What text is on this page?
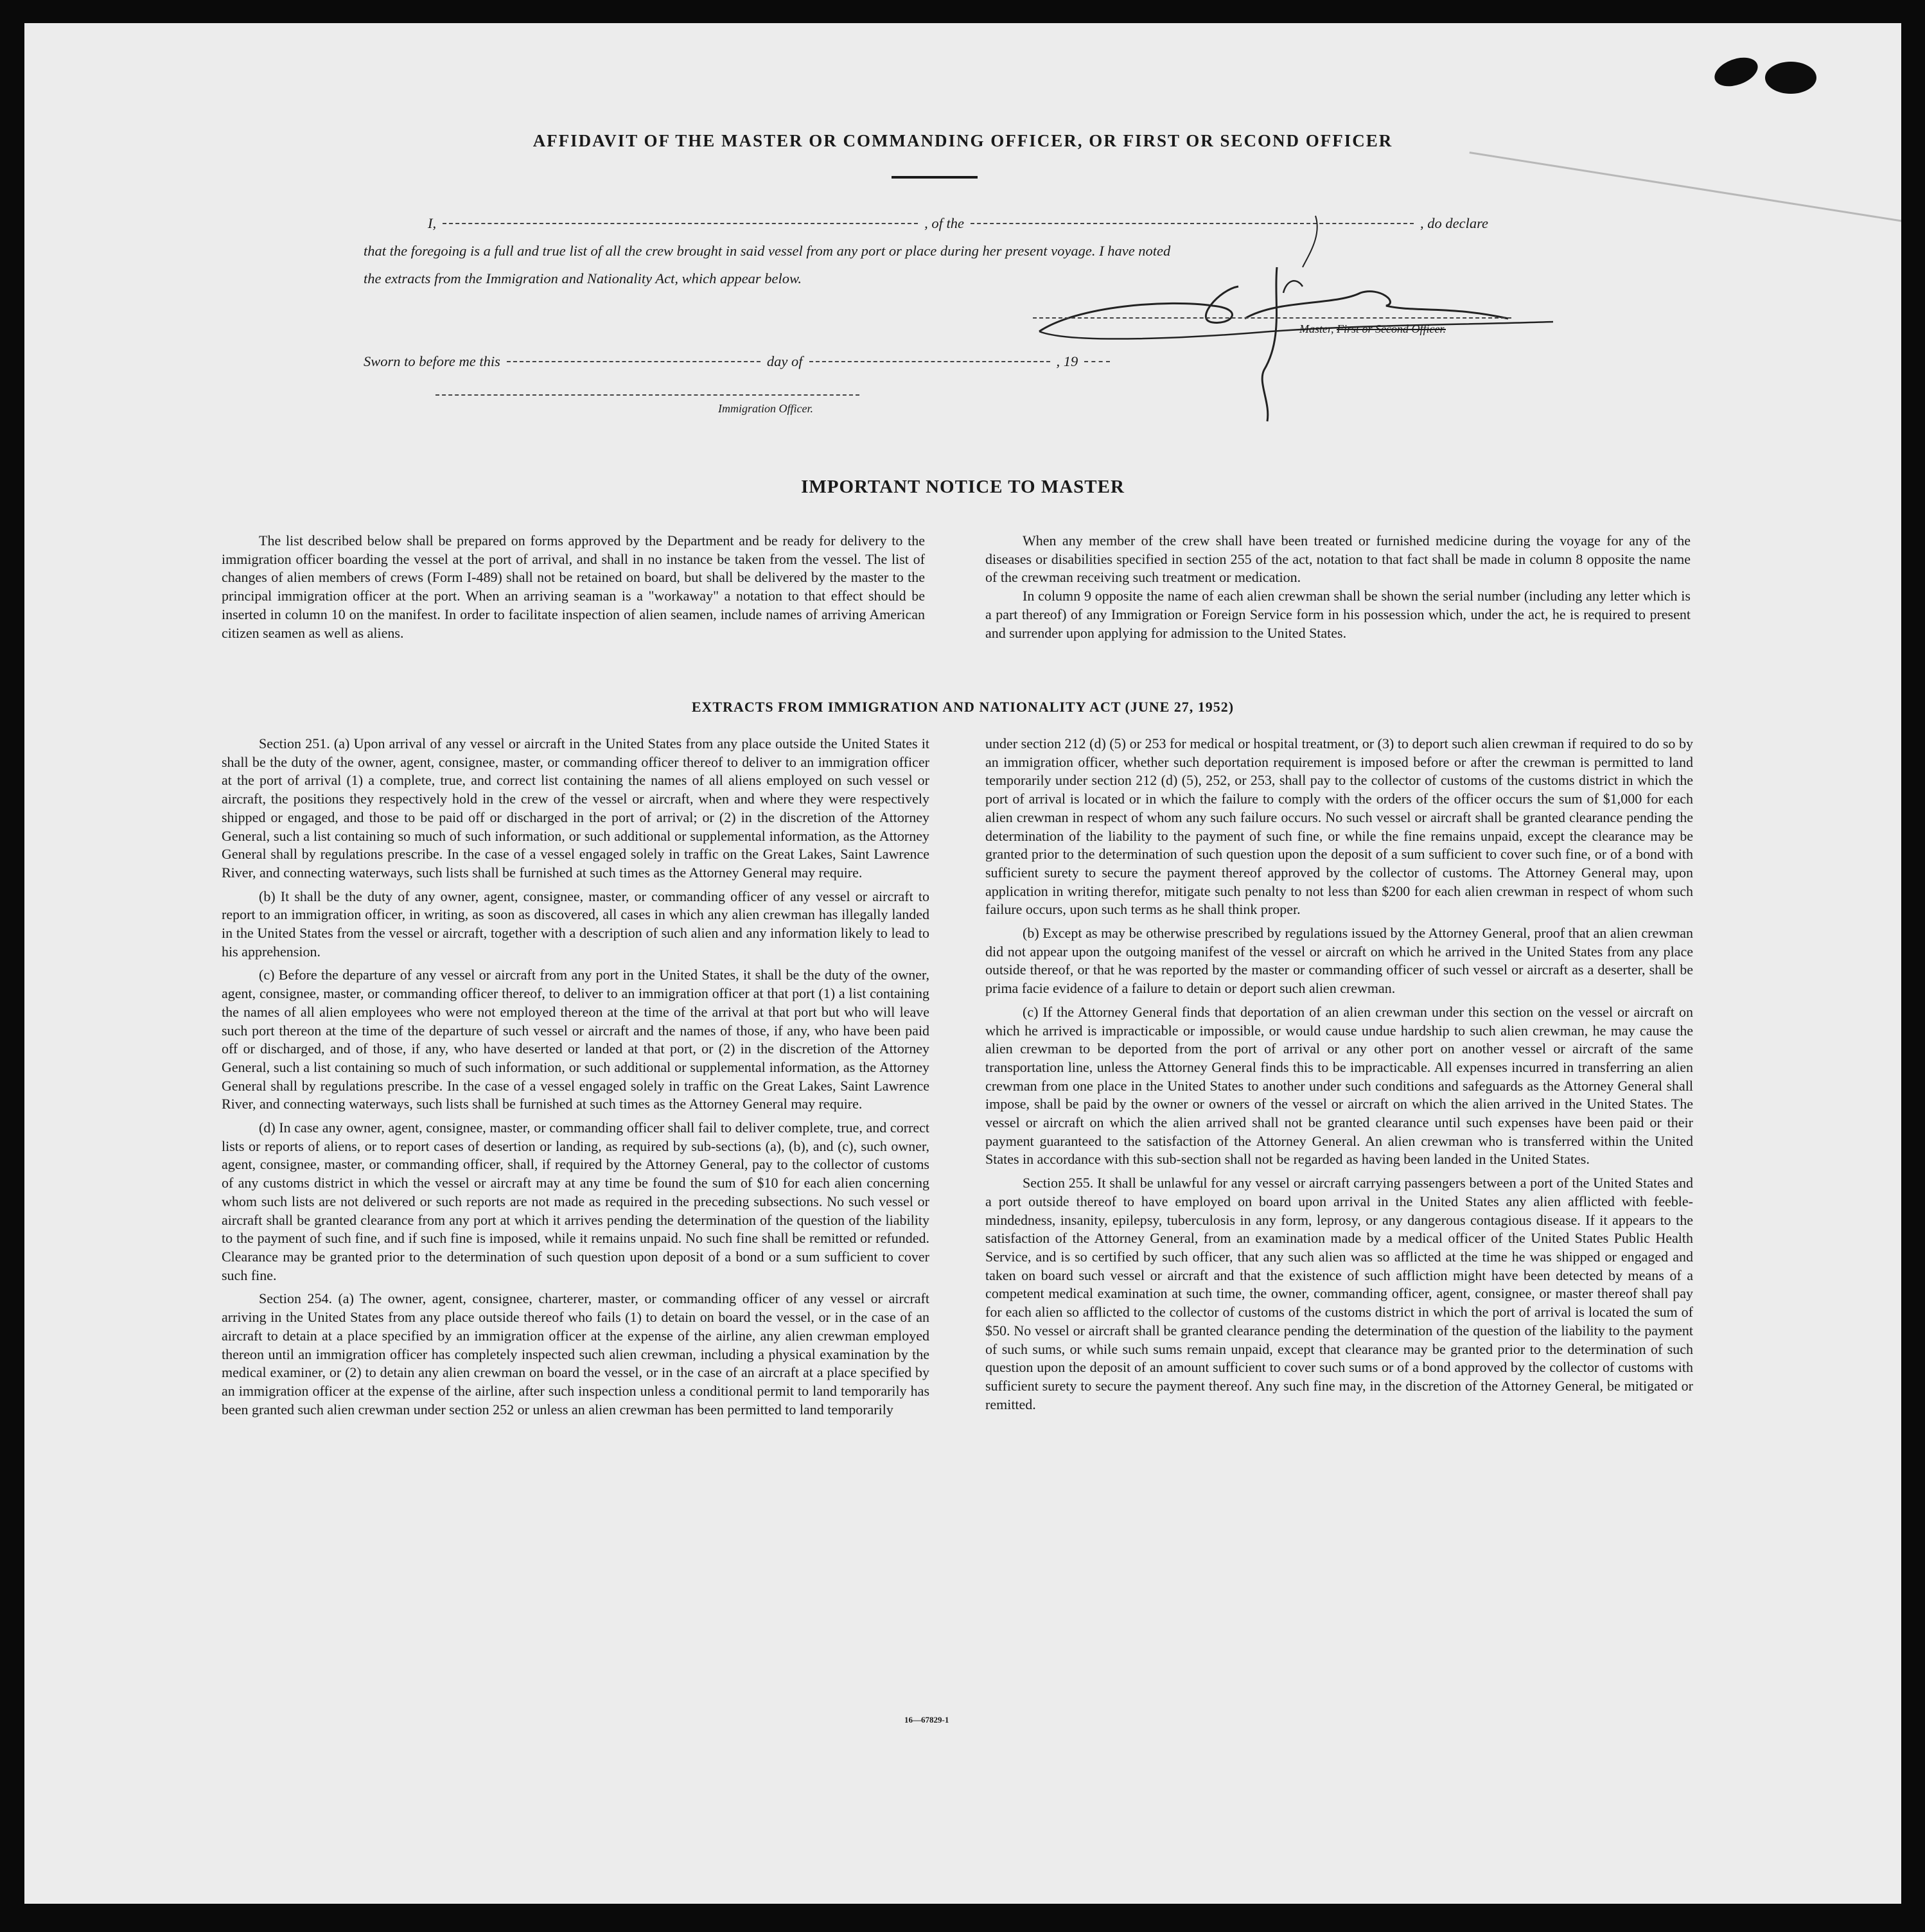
AFFIDAVIT OF THE MASTER OR COMMANDING OFFICER, OR FIRST OR SECOND OFFICER
I,	, of the	, do declare
that the foregoing is a full and true list of all the crew brought in said vessel from any port or place during her present voyage. I have noted
the extracts from the Immigration and Nationality Act, which appear below.
Sworn to before me this	day of	, 19
Master, First or Second Officer.
Immigration Officer.
IMPORTANT NOTICE TO MASTER

The list described below shall be prepared on forms approved by the Department and be ready for delivery to the immigration officer boarding the vessel at the port of arrival, and shall in no instance be taken from the vessel. The list of changes of alien members of crews (Form I-489) shall not be retained on board, but shall be delivered by the master to the principal immigration officer at the port. When an arriving seaman is a "workaway" a notation to that effect should be inserted in column 10 on the manifest. In order to facilitate inspection of alien seamen, include names of arriving American citizen seamen as well as aliens.

When any member of the crew shall have been treated or furnished medicine during the voyage for any of the diseases or disabilities specified in section 255 of the act, notation to that fact shall be made in column 8 opposite the name of the crewman receiving such treatment or medication.

In column 9 opposite the name of each alien crewman shall be shown the serial number (including any letter which is a part thereof) of any Immigration or Foreign Service form in his possession which, under the act, he is required to present and surrender upon applying for admission to the United States.

EXTRACTS FROM IMMIGRATION AND NATIONALITY ACT (JUNE 27, 1952)

Section 251. (a) Upon arrival of any vessel or aircraft in the United States from any place outside the United States it shall be the duty of the owner, agent, consignee, master, or commanding officer thereof to deliver to an immigration officer at the port of arrival (1) a complete, true, and correct list containing the names of all aliens employed on such vessel or aircraft, the positions they respectively hold in the crew of the vessel or aircraft, when and where they were respectively shipped or engaged, and those to be paid off or discharged in the port of arrival; or (2) in the discretion of the Attorney General, such a list containing so much of such information, or such additional or supplemental information, as the Attorney General shall by regulations prescribe. In the case of a vessel engaged solely in traffic on the Great Lakes, Saint Lawrence River, and connecting waterways, such lists shall be furnished at such times as the Attorney General may require.

(b) It shall be the duty of any owner, agent, consignee, master, or commanding officer of any vessel or aircraft to report to an immigration officer, in writing, as soon as discovered, all cases in which any alien crewman has illegally landed in the United States from the vessel or aircraft, together with a description of such alien and any information likely to lead to his apprehension.

(c) Before the departure of any vessel or aircraft from any port in the United States, it shall be the duty of the owner, agent, consignee, master, or commanding officer thereof, to deliver to an immigration officer at that port (1) a list containing the names of all alien employees who were not employed thereon at the time of the arrival at that port but who will leave such port thereon at the time of the departure of such vessel or aircraft and the names of those, if any, who have been paid off or discharged, and of those, if any, who have deserted or landed at that port, or (2) in the discretion of the Attorney General, such a list containing so much of such information, or such additional or supplemental information, as the Attorney General shall by regulations prescribe. In the case of a vessel engaged solely in traffic on the Great Lakes, Saint Lawrence River, and connecting waterways, such lists shall be furnished at such times as the Attorney General may require.

(d) In case any owner, agent, consignee, master, or commanding officer shall fail to deliver complete, true, and correct lists or reports of aliens, or to report cases of desertion or landing, as required by sub-sections (a), (b), and (c), such owner, agent, consignee, master, or commanding officer, shall, if required by the Attorney General, pay to the collector of customs of any customs district in which the vessel or aircraft may at any time be found the sum of $10 for each alien concerning whom such lists are not delivered or such reports are not made as required in the preceding subsections. No such vessel or aircraft shall be granted clearance from any port at which it arrives pending the determination of the question of the liability to the payment of such fine, and if such fine is imposed, while it remains unpaid. No such fine shall be remitted or refunded. Clearance may be granted prior to the determination of such question upon deposit of a bond or a sum sufficient to cover such fine.

Section 254. (a) The owner, agent, consignee, charterer, master, or commanding officer of any vessel or aircraft arriving in the United States from any place outside thereof who fails (1) to detain on board the vessel, or in the case of an aircraft to detain at a place specified by an immigration officer at the expense of the airline, any alien crewman employed thereon until an immigration officer has completely inspected such alien crewman, including a physical examination by the medical examiner, or (2) to detain any alien crewman on board the vessel, or in the case of an aircraft at a place specified by an immigration officer at the expense of the airline, after such inspection unless a conditional permit to land temporarily has been granted such alien crewman under section 252 or unless an alien crewman has been permitted to land temporarily

under section 212 (d) (5) or 253 for medical or hospital treatment, or (3) to deport such alien crewman if required to do so by an immigration officer, whether such deportation requirement is imposed before or after the crewman is permitted to land temporarily under section 212 (d) (5), 252, or 253, shall pay to the collector of customs of the customs district in which the port of arrival is located or in which the failure to comply with the orders of the officer occurs the sum of $1,000 for each alien crewman in respect of whom any such failure occurs. No such vessel or aircraft shall be granted clearance pending the determination of the liability to the payment of such fine, or while the fine remains unpaid, except the clearance may be granted prior to the determination of such question upon the deposit of a sum sufficient to cover such fine, or of a bond with sufficient surety to secure the payment thereof approved by the collector of customs. The Attorney General may, upon application in writing therefor, mitigate such penalty to not less than $200 for each alien crewman in respect of whom such failure occurs, upon such terms as he shall think proper.

(b) Except as may be otherwise prescribed by regulations issued by the Attorney General, proof that an alien crewman did not appear upon the outgoing manifest of the vessel or aircraft on which he arrived in the United States from any place outside thereof, or that he was reported by the master or commanding officer of such vessel or aircraft as a deserter, shall be prima facie evidence of a failure to detain or deport such alien crewman.

(c) If the Attorney General finds that deportation of an alien crewman under this section on the vessel or aircraft on which he arrived is impracticable or impossible, or would cause undue hardship to such alien crewman, he may cause the alien crewman to be deported from the port of arrival or any other port on another vessel or aircraft of the same transportation line, unless the Attorney General finds this to be impracticable. All expenses incurred in transferring an alien crewman from one place in the United States to another under such conditions and safeguards as the Attorney General shall impose, shall be paid by the owner or owners of the vessel or aircraft on which the alien arrived in the United States. The vessel or aircraft on which the alien arrived shall not be granted clearance until such expenses have been paid or their payment guaranteed to the satisfaction of the Attorney General. An alien crewman who is transferred within the United States in accordance with this sub-section shall not be regarded as having been landed in the United States.

Section 255. It shall be unlawful for any vessel or aircraft carrying passengers between a port of the United States and a port outside thereof to have employed on board upon arrival in the United States any alien afflicted with feeble-mindedness, insanity, epilepsy, tuberculosis in any form, leprosy, or any dangerous contagious disease. If it appears to the satisfaction of the Attorney General, from an examination made by a medical officer of the United States Public Health Service, and is so certified by such officer, that any such alien was so afflicted at the time he was shipped or engaged and taken on board such vessel or aircraft and that the existence of such affliction might have been detected by means of a competent medical examination at such time, the owner, commanding officer, agent, consignee, or master thereof shall pay for each alien so afflicted to the collector of customs of the customs district in which the port of arrival is located the sum of $50. No vessel or aircraft shall be granted clearance pending the determination of the question of the liability to the payment of such sums, or while such sums remain unpaid, except that clearance may be granted prior to the determination of such question upon the deposit of an amount sufficient to cover such sums or of a bond approved by the collector of customs with sufficient surety to secure the payment thereof. Any such fine may, in the discretion of the Attorney General, be mitigated or remitted.

16—67829-1
